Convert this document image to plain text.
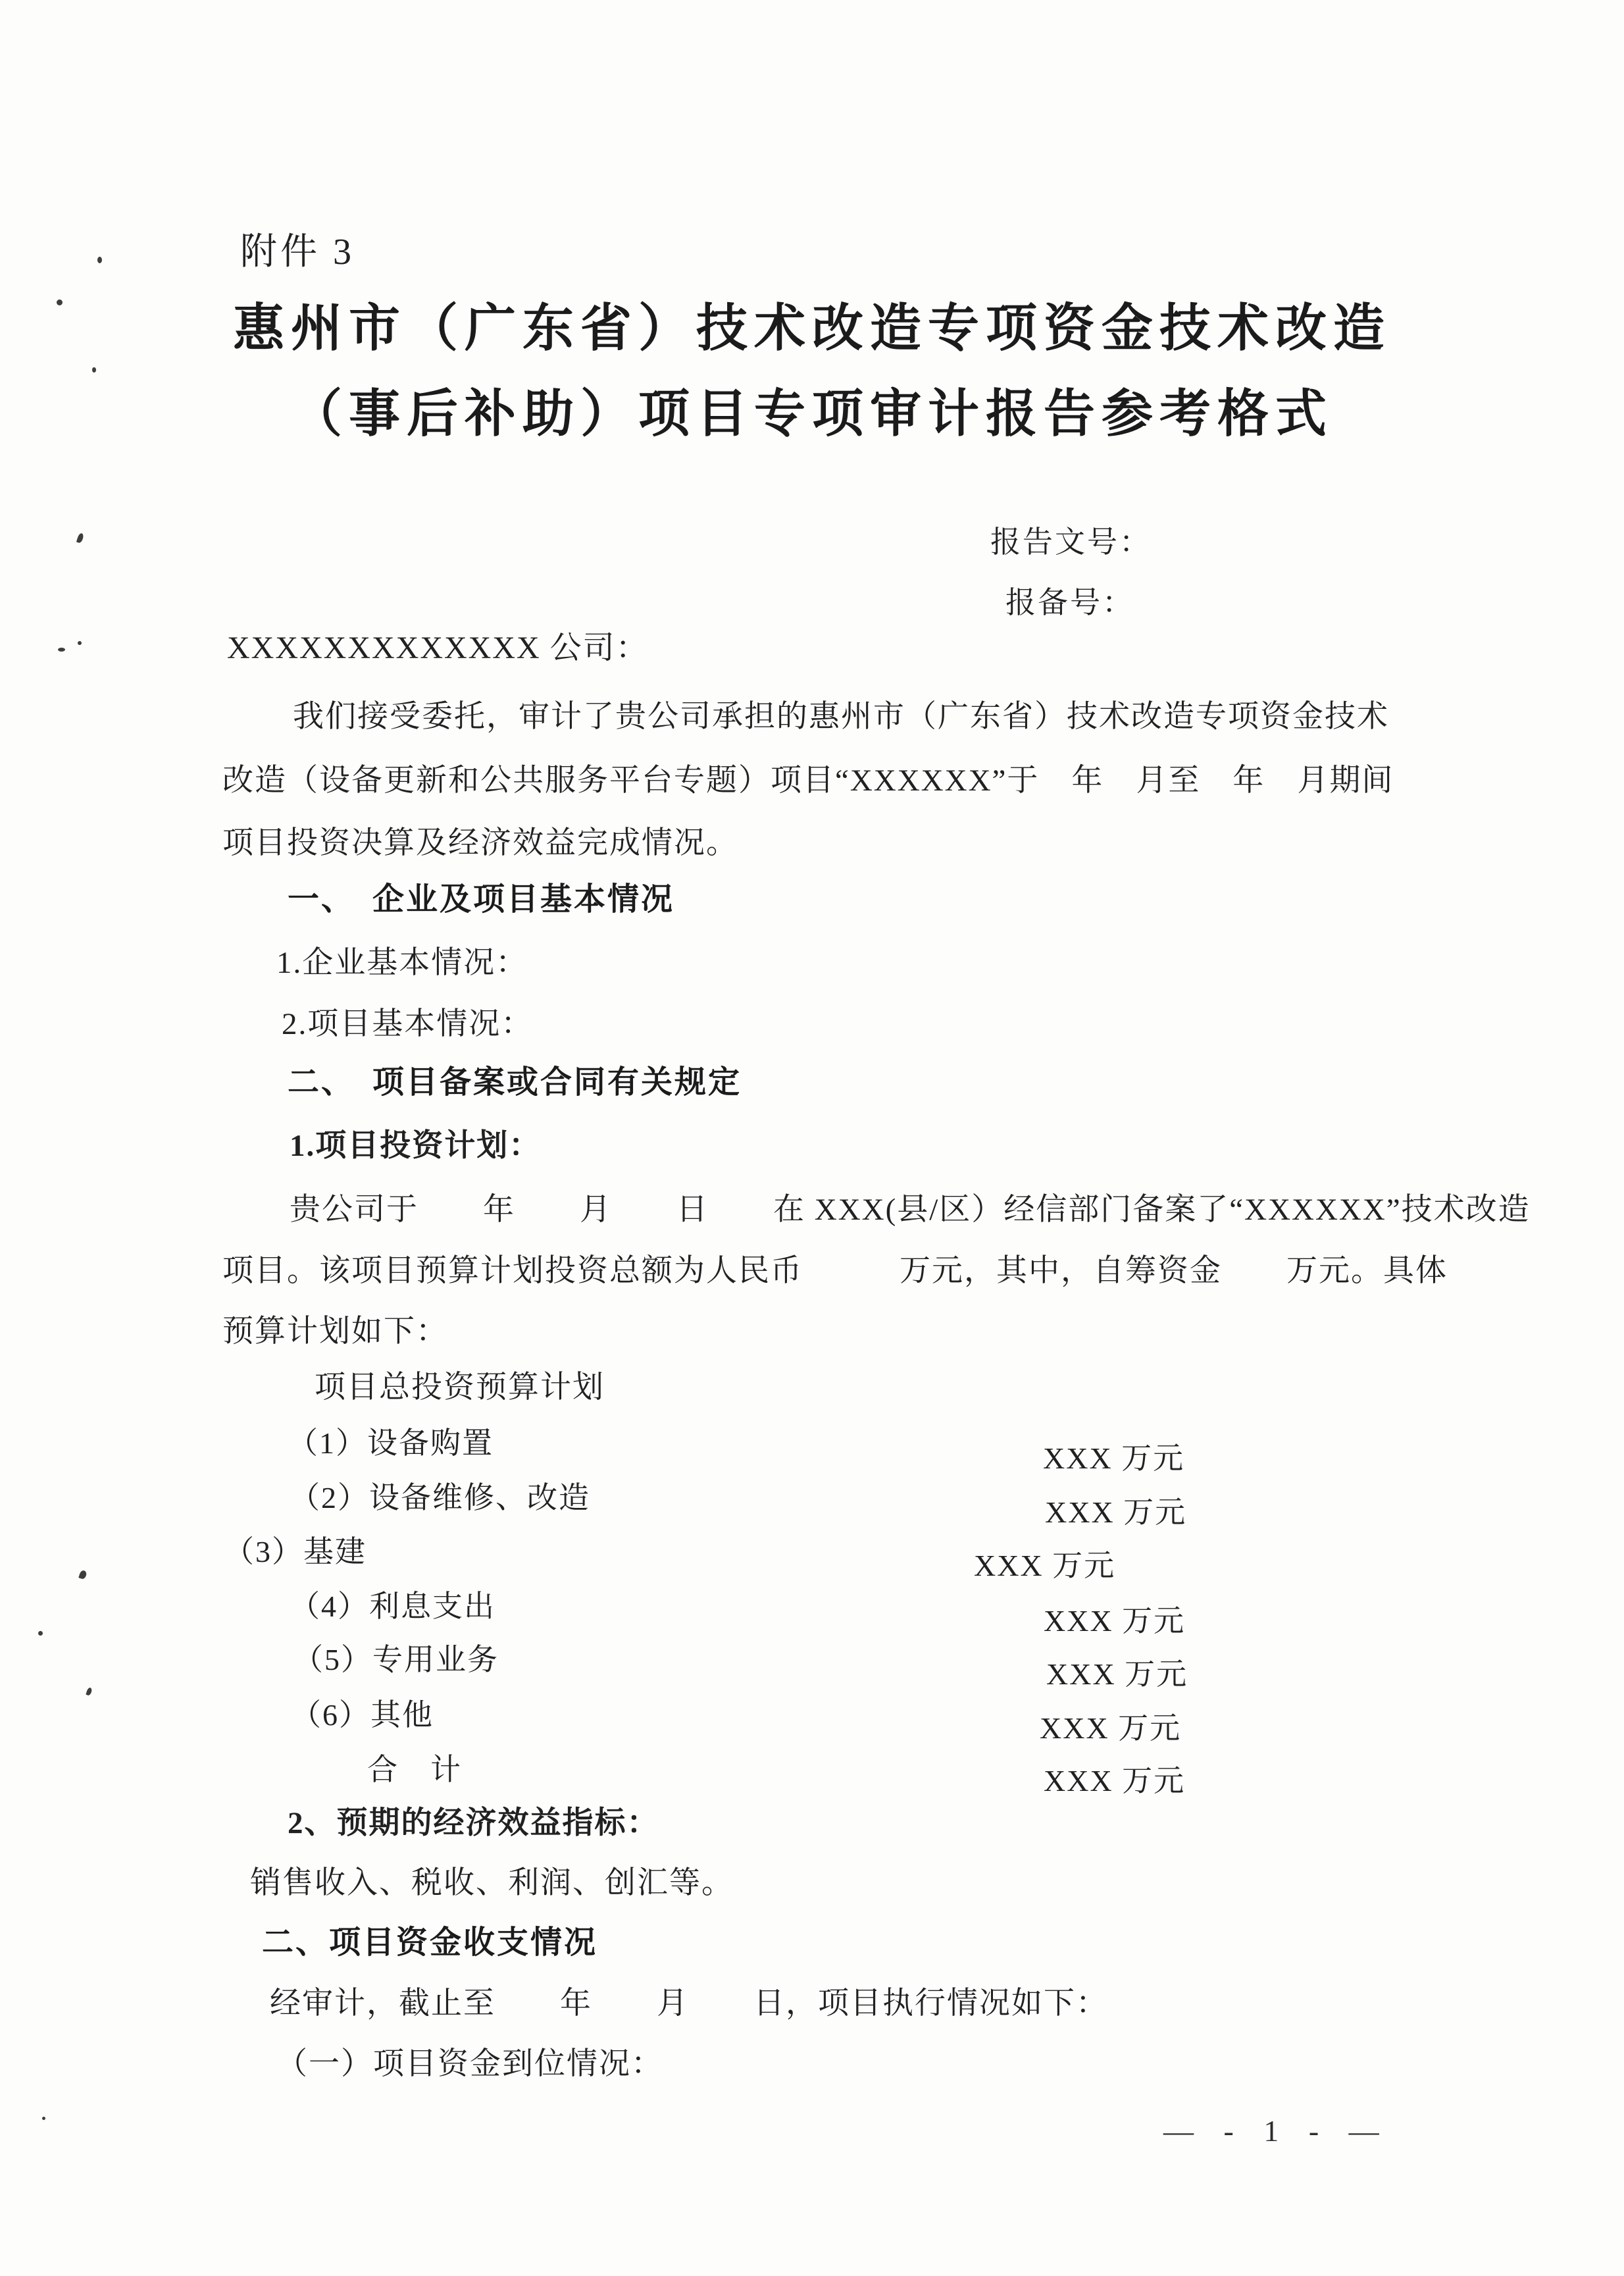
附件 3
惠州市（广东省）技术改造专项资金技术改造
（事后补助）项目专项审计报告参考格式
报告文号：
报备号：
XXXXXXXXXXXXX 公司：
我们接受委托，审计了贵公司承担的惠州市（广东省）技术改造专项资金技术
改造（设备更新和公共服务平台专题）项目“XXXXXX”于　年　月至　年　月期间
项目投资决算及经济效益完成情况。
一、　企业及项目基本情况
1.企业基本情况：
2.项目基本情况：
二、　项目备案或合同有关规定
1.项目投资计划：
贵公司于　　年　　月　　日　　在 XXX(县/区）经信部门备案了“XXXXXX”技术改造
项目。该项目预算计划投资总额为人民币　　　万元，其中，自筹资金　　万元。具体
预算计划如下：
项目总投资预算计划
（1）设备购置	XXX 万元
（2）设备维修、改造	XXX 万元
（3）基建	XXX 万元
（4）利息支出	XXX 万元
（5）专用业务	XXX 万元
（6）其他	XXX 万元
合　计	XXX 万元
2、预期的经济效益指标：
销售收入、税收、利润、创汇等。
二、项目资金收支情况
经审计，截止至　　年　　月　　日，项目执行情况如下：
（一）项目资金到位情况：
— - 1 - —
